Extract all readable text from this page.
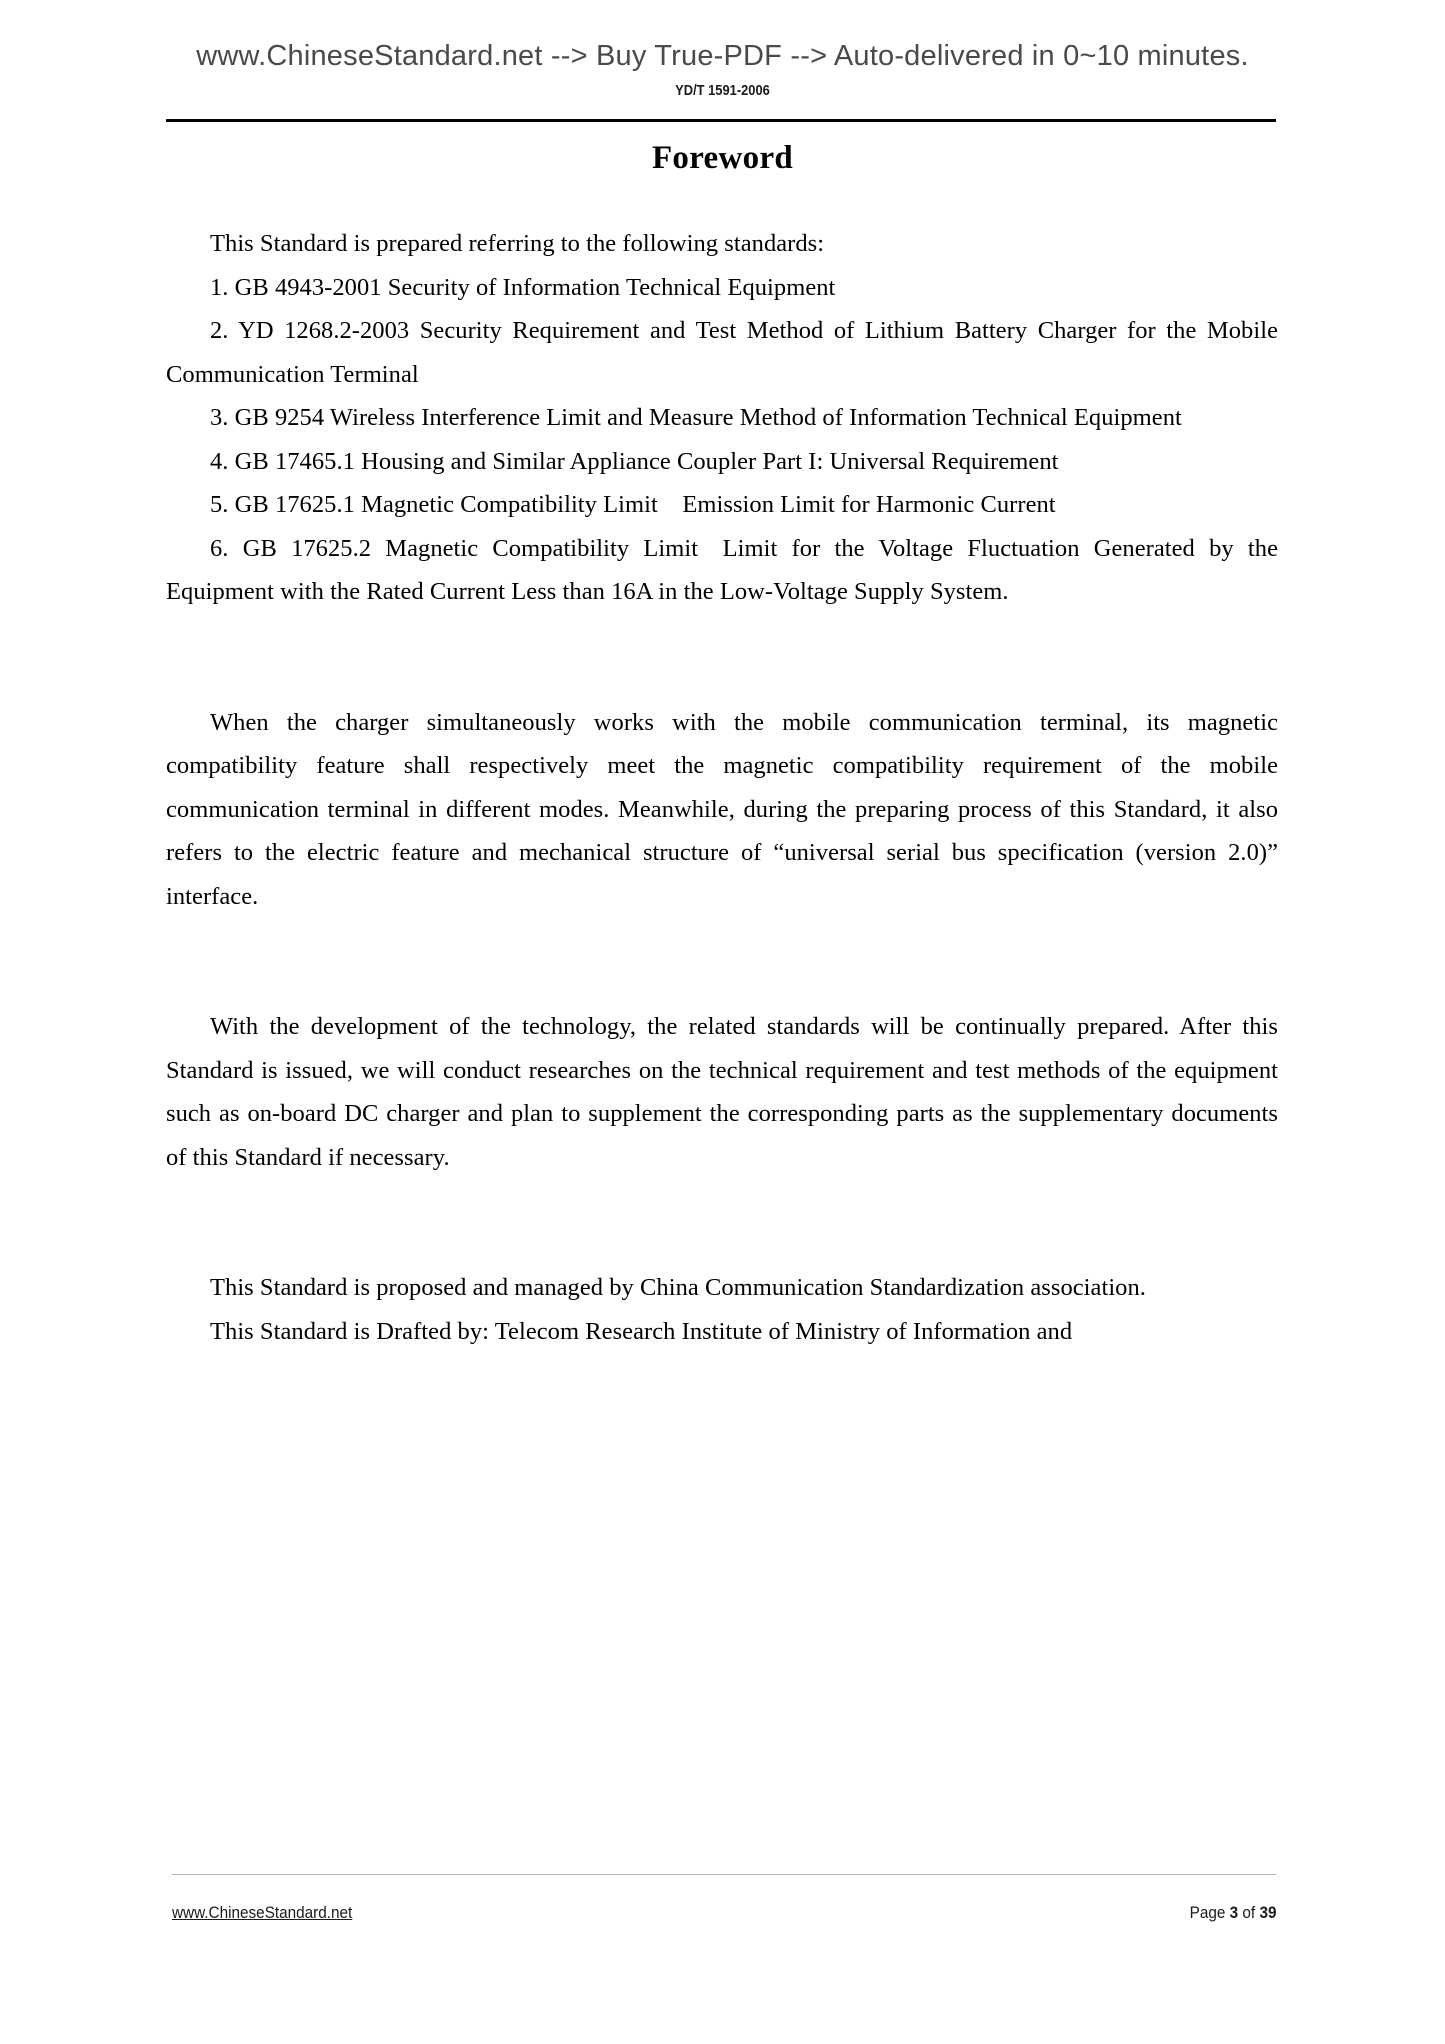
www.ChineseStandard.net --> Buy True-PDF --> Auto-delivered in 0~10 minutes.
YD/T 1591-2006
Foreword

This Standard is prepared referring to the following standards:

1. GB 4943-2001 Security of Information Technical Equipment

2. YD 1268.2-2003 Security Requirement and Test Method of Lithium Battery Charger for the Mobile Communication Terminal

3. GB 9254 Wireless Interference Limit and Measure Method of Information Technical Equipment

4. GB 17465.1 Housing and Similar Appliance Coupler Part I: Universal Requirement

5. GB 17625.1 Magnetic Compatibility Limit Emission Limit for Harmonic Current

6. GB 17625.2 Magnetic Compatibility Limit Limit for the Voltage Fluctuation Generated by the Equipment with the Rated Current Less than 16A in the Low-Voltage Supply System.

When the charger simultaneously works with the mobile communication terminal, its magnetic compatibility feature shall respectively meet the magnetic compatibility requirement of the mobile communication terminal in different modes. Meanwhile, during the preparing process of this Standard, it also refers to the electric feature and mechanical structure of “universal serial bus specification (version 2.0)” interface.

With the development of the technology, the related standards will be continually prepared. After this Standard is issued, we will conduct researches on the technical requirement and test methods of the equipment such as on-board DC charger and plan to supplement the corresponding parts as the supplementary documents of this Standard if necessary.

This Standard is proposed and managed by China Communication Standardization association.

This Standard is Drafted by: Telecom Research Institute of Ministry of Information and

www.ChineseStandard.net	Page 3 of 39
